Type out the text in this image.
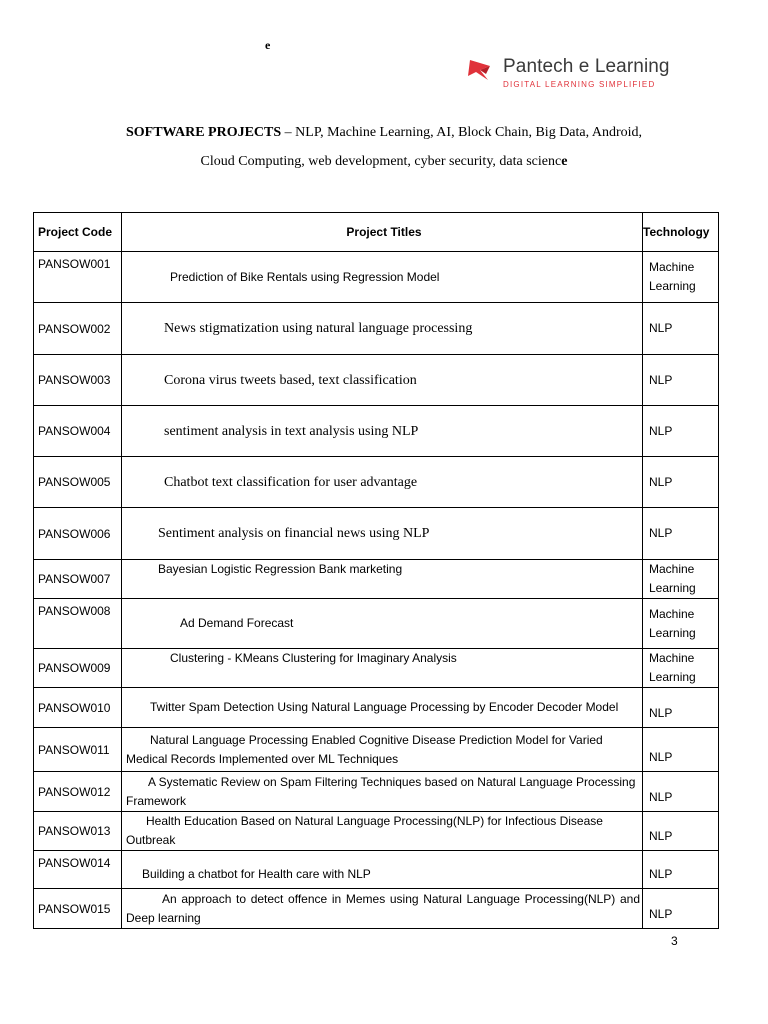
e
Pantech e Learning
DIGITAL LEARNING SIMPLIFIED
SOFTWARE PROJECTS – NLP, Machine Learning, AI, Block Chain, Big Data, Android,
Cloud Computing, web development, cyber security, data science
Project Code	Project Titles	Technology
PANSOW001	Prediction of Bike Rentals using Regression Model	Machine Learning
PANSOW002	News stigmatization using natural language processing	NLP
PANSOW003	Corona virus tweets based, text classification	NLP
PANSOW004	sentiment analysis in text analysis using NLP	NLP
PANSOW005	Chatbot text classification for user advantage	NLP
PANSOW006	Sentiment analysis on financial news using NLP	NLP
PANSOW007	Bayesian Logistic Regression Bank marketing	Machine Learning
PANSOW008	Ad Demand Forecast	Machine Learning
PANSOW009	Clustering - KMeans Clustering for Imaginary Analysis	Machine Learning
PANSOW010	Twitter Spam Detection Using Natural Language Processing by Encoder Decoder Model	NLP
PANSOW011	Natural Language Processing Enabled Cognitive Disease Prediction Model for Varied Medical Records Implemented over ML Techniques	NLP
PANSOW012	A Systematic Review on Spam Filtering Techniques based on Natural Language Processing Framework	NLP
PANSOW013	Health Education Based on Natural Language Processing(NLP) for Infectious Disease Outbreak	NLP
PANSOW014	Building a chatbot for Health care with NLP	NLP
PANSOW015	An approach to detect offence in Memes using Natural Language Processing(NLP) and Deep learning	NLP
3
